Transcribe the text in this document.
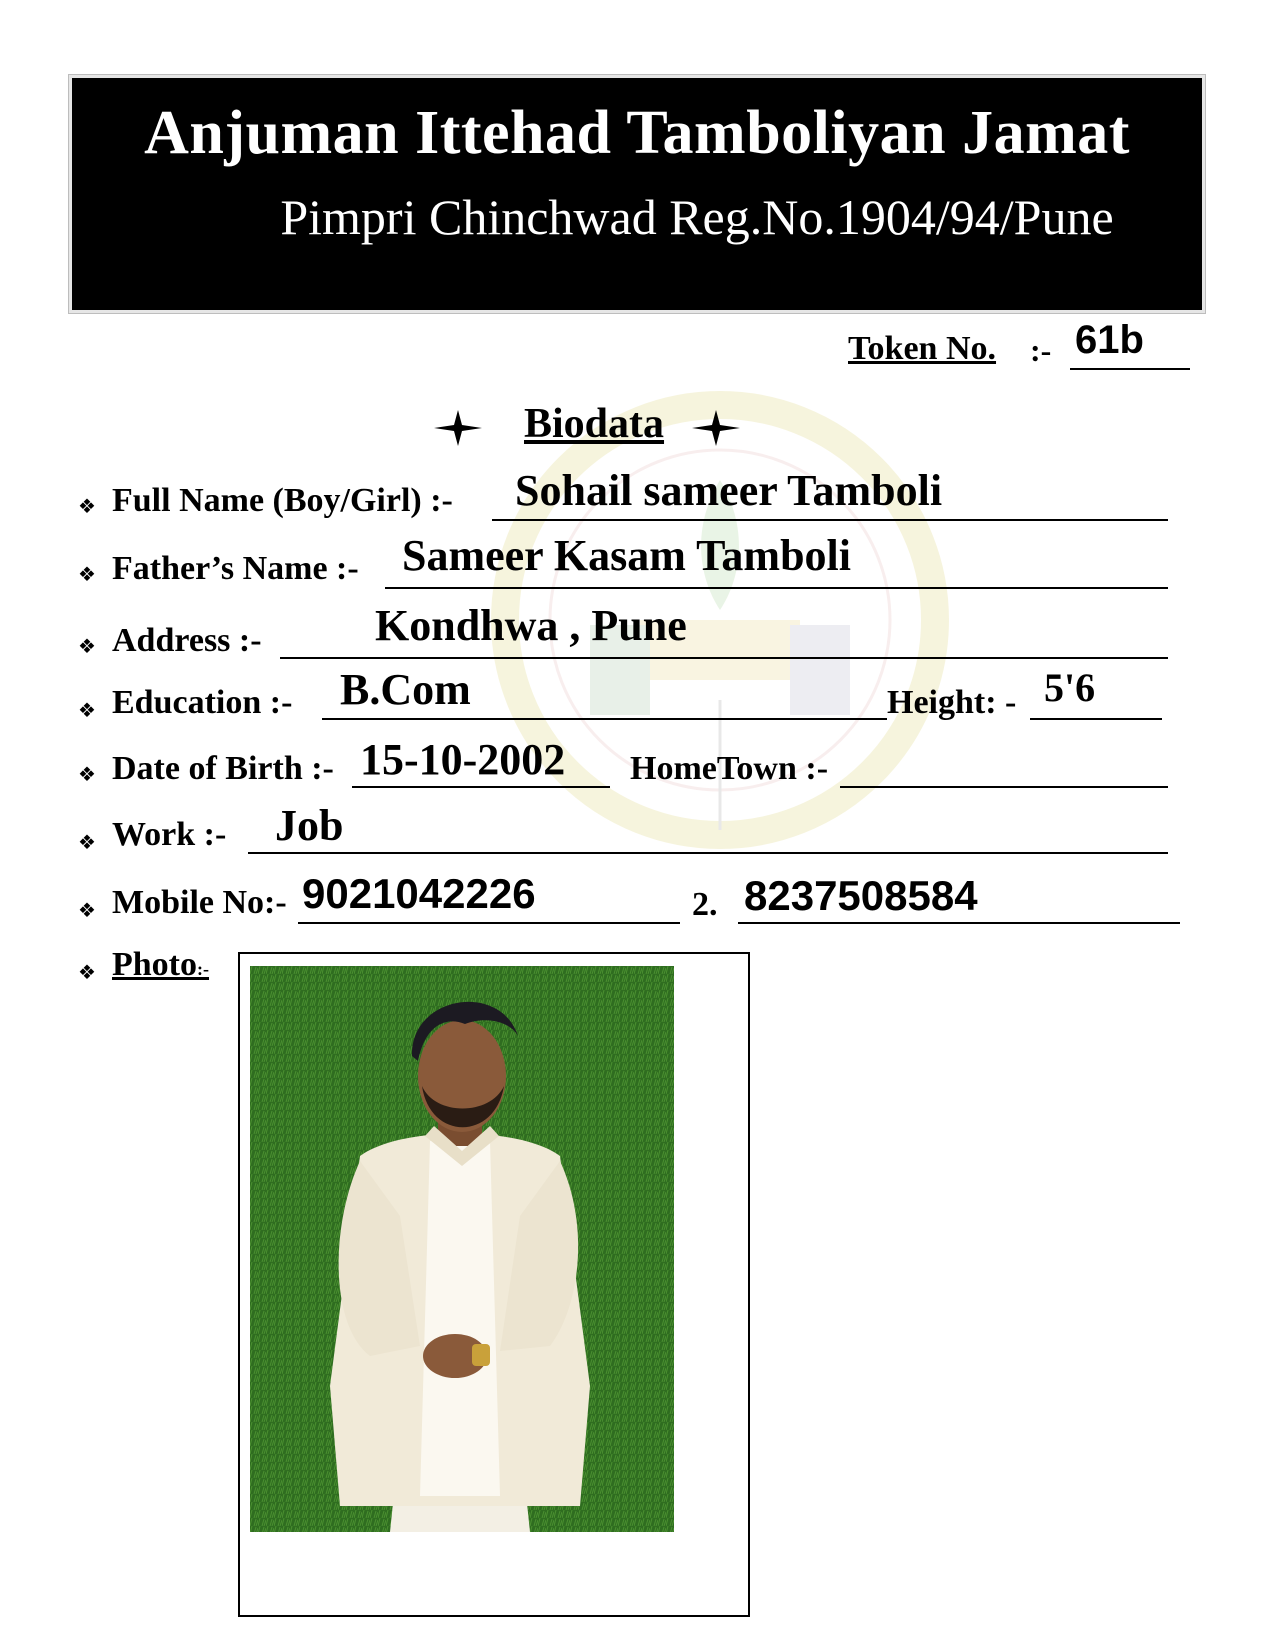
Anjuman Ittehad Tamboliyan Jamat
Pimpri Chinchwad Reg.No.1904/94/Pune
Token No. :- 61b
Biodata
❖ Full Name (Boy/Girl) :- Sohail sameer Tamboli
❖ Father’s Name :- Sameer Kasam Tamboli
❖ Address :-	Kondhwa , Pune
❖ Education :- B.Com	Height: - 5'6
❖ Date of Birth :- 15-10-2002 HomeTown :-
❖ Work :- Job
❖ Mobile No:- 9021042226	2. 8237508584
❖ Photo:-
